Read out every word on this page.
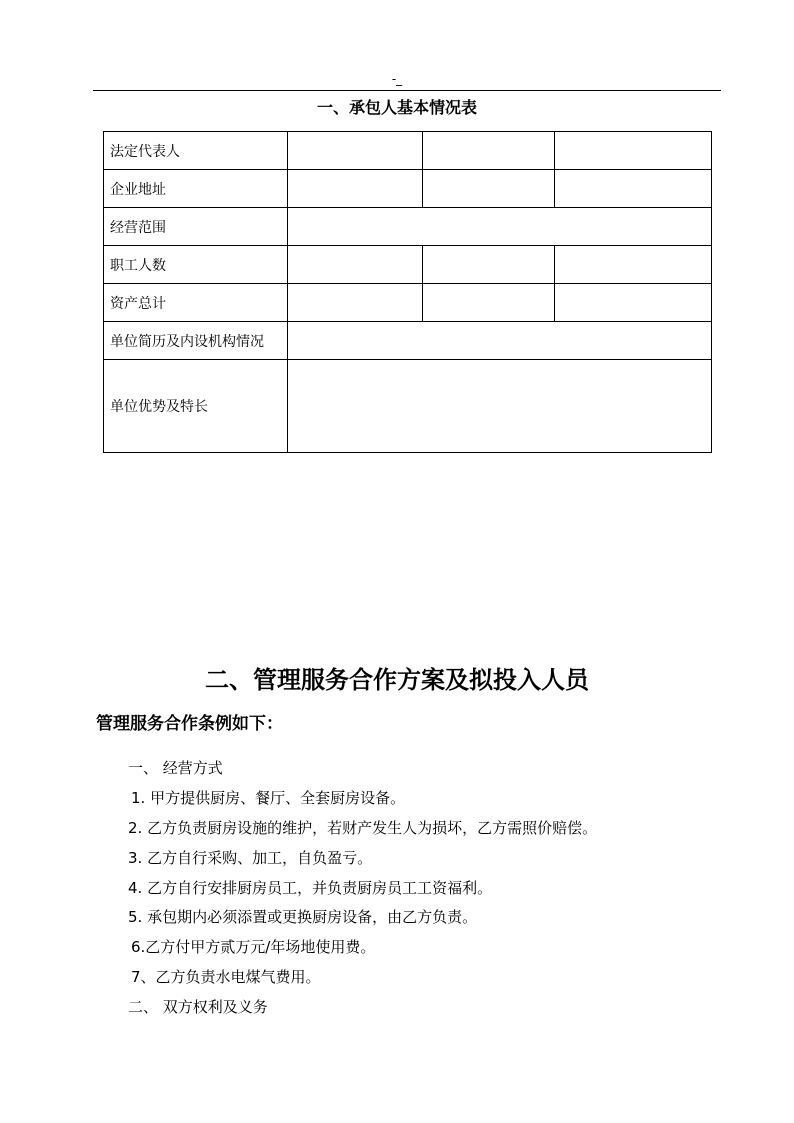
-_
一、承包人基本情况表
法定代表人			
企业地址			
经营范围			
职工人数			
资产总计			
单位简历及内设机构情况			
单位优势及特长			
二、管理服务合作方案及拟投入人员
管理服务合作条例如下：
一、 经营方式
1. 甲方提供厨房、餐厅、全套厨房设备。
2. 乙方负责厨房设施的维护，若财产发生人为损坏，乙方需照价赔偿。
3. 乙方自行采购、加工，自负盈亏。
4. 乙方自行安排厨房员工，并负责厨房员工工资福利。
5. 承包期内必须添置或更换厨房设备，由乙方负责。
6.乙方付甲方贰万元/年场地使用费。
7、乙方负责水电煤气费用。
二、 双方权利及义务
